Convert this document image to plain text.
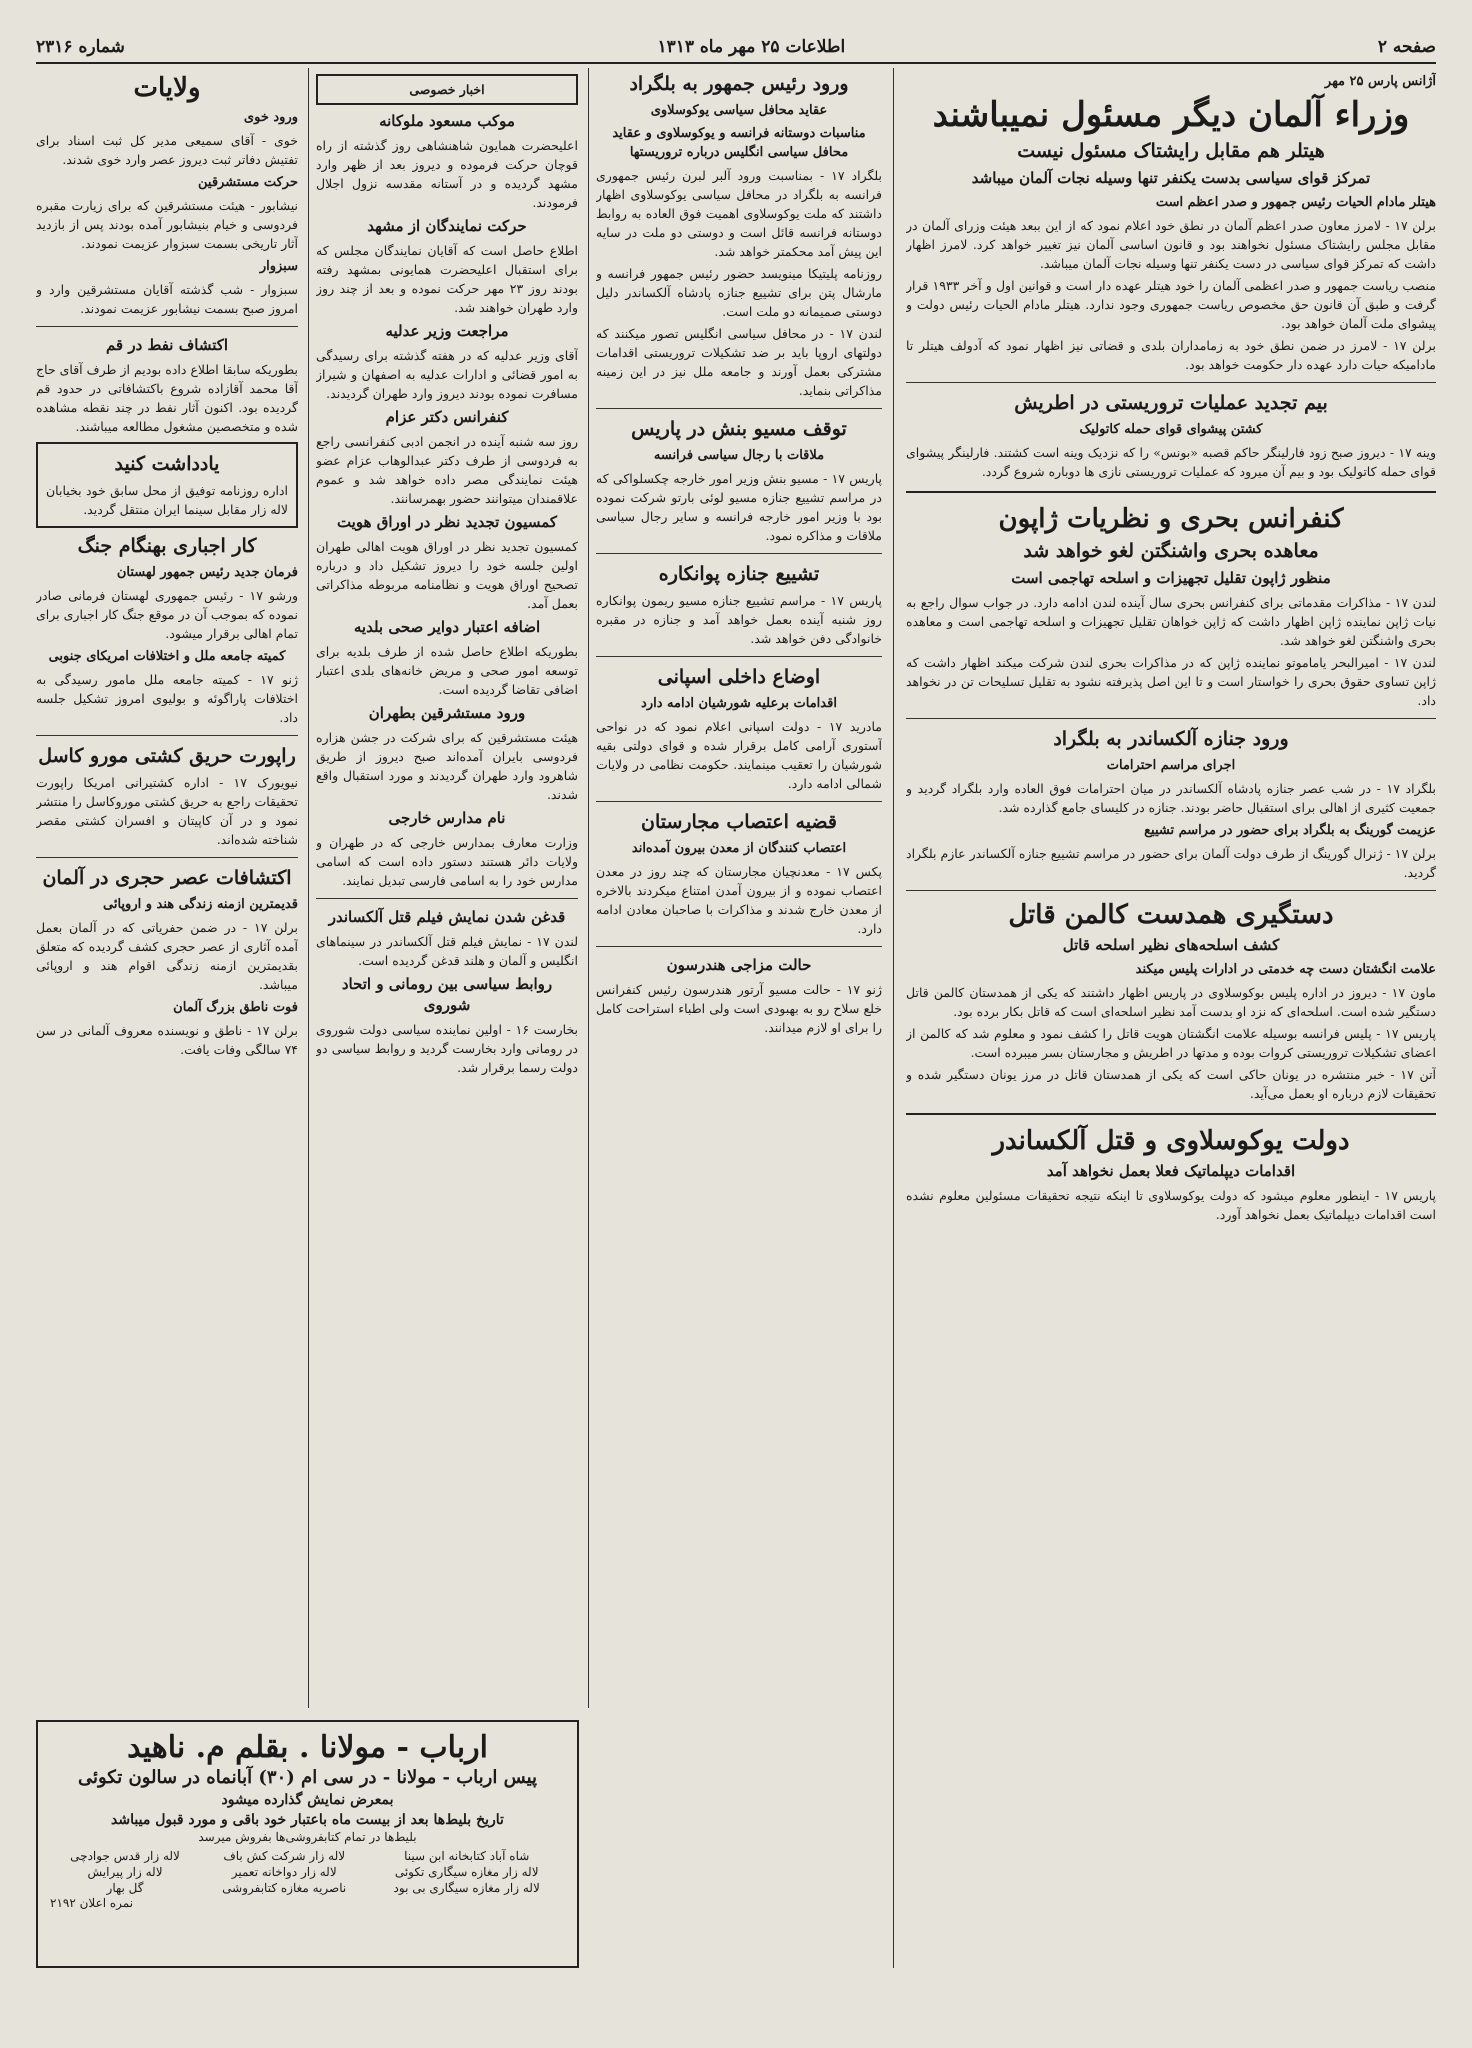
صفحه ۲
اطلاعات ۲۵ مهر ماه ۱۳۱۳
شماره ۲۳۱۶
آژانس پارس ۲۵ مهر
وزراء آلمان دیگر مسئول نمیباشند
هیتلر هم مقابل رایشتاک مسئول نیست
تمرکز قوای سیاسی بدست یکنفر تنها وسیله نجات آلمان میباشد
هیتلر مادام الحیات رئیس جمهور و صدر اعظم است

برلن ۱۷ - لامرز معاون صدر اعظم آلمان در نطق خود اعلام نمود که از این ببعد هیئت وزرای آلمان در مقابل مجلس رایشتاک مسئول نخواهند بود و قانون اساسی آلمان نیز تغییر خواهد کرد. لامرز اظهار داشت که تمرکز قوای سیاسی در دست یکنفر تنها وسیله نجات آلمان میباشد.

منصب ریاست جمهور و صدر اعظمی آلمان را خود هیتلر عهده دار است و قوانین اول و آخر ۱۹۳۳ قرار گرفت و طبق آن قانون حق مخصوص ریاست جمهوری وجود ندارد. هیتلر مادام الحیات رئیس دولت و پیشوای ملت آلمان خواهد بود.

برلن ۱۷ - لامرز در ضمن نطق خود به زمامداران بلدی و قضاتی نیز اظهار نمود که آدولف هیتلر تا مادامیکه حیات دارد عهده دار حکومت خواهد بود.

بیم تجدید عملیات تروریستی در اطریش
کشتن پیشوای قوای حمله کاتولیک

وینه ۱۷ - دیروز صبح زود فارلینگر حاکم قصبه «بونس» را که نزدیک وینه است کشتند. فارلینگر پیشوای قوای حمله کاتولیک بود و بیم آن میرود که عملیات تروریستی نازی ها دوباره شروع گردد.

کنفرانس بحری و نظریات ژاپون
معاهده بحری واشنگتن لغو خواهد شد
منظور ژاپون تقلیل تجهیزات و اسلحه تهاجمی است

لندن ۱۷ - مذاکرات مقدماتی برای کنفرانس بحری سال آینده لندن ادامه دارد. در جواب سوال راجع به نیات ژاپن نماینده ژاپن اظهار داشت که ژاپن خواهان تقلیل تجهیزات و اسلحه تهاجمی است و معاهده بحری واشنگتن لغو خواهد شد.

لندن ۱۷ - امیرالبحر یاماموتو نماینده ژاپن که در مذاکرات بحری لندن شرکت میکند اظهار داشت که ژاپن تساوی حقوق بحری را خواستار است و تا این اصل پذیرفته نشود به تقلیل تسلیحات تن در نخواهد داد.

ورود جنازه آلکساندر به بلگراد
اجرای مراسم احترامات

بلگراد ۱۷ - در شب عصر جنازه پادشاه آلکساندر در میان احترامات فوق العاده وارد بلگراد گردید و جمعیت کثیری از اهالی برای استقبال حاضر بودند. جنازه در کلیسای جامع گذارده شد.

عزیمت گورینگ به بلگراد برای حضور در مراسم تشییع

برلن ۱۷ - ژنرال گورینگ از طرف دولت آلمان برای حضور در مراسم تشییع جنازه آلکساندر عازم بلگراد گردید.

دستگیری همدست کالمن قاتل
کشف اسلحه‌های نظیر اسلحه قاتل
علامت انگشتان دست چه خدمتی در ادارات پلیس میکند

ماون ۱۷ - دیروز در اداره پلیس بوکوسلاوی در پاریس اظهار داشتند که یکی از همدستان کالمن قاتل دستگیر شده است. اسلحه‌ای که نزد او بدست آمد نظیر اسلحه‌ای است که قاتل بکار برده بود.

پاریس ۱۷ - پلیس فرانسه بوسیله علامت انگشتان هویت قاتل را کشف نمود و معلوم شد که کالمن از اعضای تشکیلات تروریستی کروات بوده و مدتها در اطریش و مجارستان بسر میبرده است.

آتن ۱۷ - خبر منتشره در یونان حاکی است که یکی از همدستان قاتل در مرز یونان دستگیر شده و تحقیقات لازم درباره او بعمل می‌آید.

دولت یوکوسلاوی و قتل آلکساندر
اقدامات دیپلماتیک فعلا بعمل نخواهد آمد

پاریس ۱۷ - اینطور معلوم میشود که دولت یوکوسلاوی تا اینکه نتیجه تحقیقات مسئولین معلوم نشده است اقدامات دیپلماتیک بعمل نخواهد آورد.

ورود رئیس جمهور به بلگراد
عقاید محافل سیاسی یوکوسلاوی
مناسبات دوستانه فرانسه و یوکوسلاوی و عقاید محافل سیاسی انگلیس درباره تروریستها

بلگراد ۱۷ - بمناسبت ورود آلبر لبرن رئیس جمهوری فرانسه به بلگراد در محافل سیاسی یوکوسلاوی اظهار داشتند که ملت یوکوسلاوی اهمیت فوق العاده به روابط دوستانه فرانسه قائل است و دوستی دو ملت در سایه این پیش آمد محکمتر خواهد شد.

روزنامه پلیتیکا مینویسد حضور رئیس جمهور فرانسه و مارشال پتن برای تشییع جنازه پادشاه آلکساندر دلیل دوستی صمیمانه دو ملت است.

لندن ۱۷ - در محافل سیاسی انگلیس تصور میکنند که دولتهای اروپا باید بر ضد تشکیلات تروریستی اقدامات مشترکی بعمل آورند و جامعه ملل نیز در این زمینه مذاکراتی بنماید.

توقف مسیو بنش در پاریس
ملاقات با رجال سیاسی فرانسه

پاریس ۱۷ - مسیو بنش وزیر امور خارجه چکسلواکی که در مراسم تشییع جنازه مسیو لوئی بارتو شرکت نموده بود با وزیر امور خارجه فرانسه و سایر رجال سیاسی ملاقات و مذاکره نمود.

تشییع جنازه پوانکاره

پاریس ۱۷ - مراسم تشییع جنازه مسیو ریمون پوانکاره روز شنبه آینده بعمل خواهد آمد و جنازه در مقبره خانوادگی دفن خواهد شد.

اوضاع داخلی اسپانی
اقدامات برعلیه شورشیان ادامه دارد

مادرید ۱۷ - دولت اسپانی اعلام نمود که در نواحی آستوری آرامی کامل برقرار شده و قوای دولتی بقیه شورشیان را تعقیب مینمایند. حکومت نظامی در ولایات شمالی ادامه دارد.

قضیه اعتصاب مجارستان
اعتصاب کنندگان از معدن بیرون آمده‌اند

پکس ۱۷ - معدنچیان مجارستان که چند روز در معدن اعتصاب نموده و از بیرون آمدن امتناع میکردند بالاخره از معدن خارج شدند و مذاکرات با صاحبان معادن ادامه دارد.

حالت مزاجی هندرسون

ژنو ۱۷ - حالت مسیو آرتور هندرسون رئیس کنفرانس خلع سلاح رو به بهبودی است ولی اطباء استراحت کامل را برای او لازم میدانند.

اخبار خصوصی
موکب مسعود ملوکانه

اعلیحضرت همایون شاهنشاهی روز گذشته از راه قوچان حرکت فرموده و دیروز بعد از ظهر وارد مشهد گردیده و در آستانه مقدسه نزول اجلال فرمودند.

حرکت نمایندگان از مشهد

اطلاع حاصل است که آقایان نمایندگان مجلس که برای استقبال اعلیحضرت همایونی بمشهد رفته بودند روز ۲۳ مهر حرکت نموده و بعد از چند روز وارد طهران خواهند شد.

مراجعت وزیر عدلیه

آقای وزیر عدلیه که در هفته گذشته برای رسیدگی به امور قضائی و ادارات عدلیه به اصفهان و شیراز مسافرت نموده بودند دیروز وارد طهران گردیدند.

کنفرانس دکتر عزام

روز سه شنبه آینده در انجمن ادبی کنفرانسی راجع به فردوسی از طرف دکتر عبدالوهاب عزام عضو هیئت نمایندگی مصر داده خواهد شد و عموم علاقمندان میتوانند حضور بهمرسانند.

کمسیون تجدید نظر در اوراق هویت

کمسیون تجدید نظر در اوراق هویت اهالی طهران اولین جلسه خود را دیروز تشکیل داد و درباره تصحیح اوراق هویت و نظامنامه مربوطه مذاکراتی بعمل آمد.

اضافه اعتبار دوایر صحی بلدیه

بطوریکه اطلاع حاصل شده از طرف بلدیه برای توسعه امور صحی و مریض خانه‌های بلدی اعتبار اضافی تقاضا گردیده است.

ورود مستشرقین بطهران

هیئت مستشرقین که برای شرکت در جشن هزاره فردوسی بایران آمده‌اند صبح دیروز از طریق شاهرود وارد طهران گردیدند و مورد استقبال واقع شدند.

نام مدارس خارجی

وزارت معارف بمدارس خارجی که در طهران و ولایات دائر هستند دستور داده است که اسامی مدارس خود را به اسامی فارسی تبدیل نمایند.

قدغن شدن نمایش فیلم قتل آلکساندر

لندن ۱۷ - نمایش فیلم قتل آلکساندر در سینماهای انگلیس و آلمان و هلند قدغن گردیده است.

روابط سیاسی بین رومانی و اتحاد شوروی

بخارست ۱۶ - اولین نماینده سیاسی دولت شوروی در رومانی وارد بخارست گردید و روابط سیاسی دو دولت رسما برقرار شد.

ولایات
ورود خوی

خوی - آقای سمیعی مدیر کل ثبت اسناد برای تفتیش دفاتر ثبت دیروز عصر وارد خوی شدند.

حرکت مستشرقین

نیشابور - هیئت مستشرقین که برای زیارت مقبره فردوسی و خیام بنیشابور آمده بودند پس از بازدید آثار تاریخی بسمت سبزوار عزیمت نمودند.

سبزوار

سبزوار - شب گذشته آقایان مستشرقین وارد و امروز صبح بسمت نیشابور عزیمت نمودند.

اکتشاف نفط در قم

بطوریکه سابقا اطلاع داده بودیم از طرف آقای حاج آقا محمد آقازاده شروع باکتشافاتی در حدود قم گردیده بود. اکنون آثار نفط در چند نقطه مشاهده شده و متخصصین مشغول مطالعه میباشند.

یادداشت کنید

اداره روزنامه توفیق از محل سابق خود بخیابان لاله زار مقابل سینما ایران منتقل گردید.

کار اجباری بهنگام جنگ
فرمان جدید رئیس جمهور لهستان

ورشو ۱۷ - رئیس جمهوری لهستان فرمانی صادر نموده که بموجب آن در موقع جنگ کار اجباری برای تمام اهالی برقرار میشود.

کمیته جامعه ملل و اختلافات امریکای جنوبی

ژنو ۱۷ - کمیته جامعه ملل مامور رسیدگی به اختلافات پاراگوئه و بولیوی امروز تشکیل جلسه داد.

راپورت حریق کشتی مورو کاسل

نیویورک ۱۷ - اداره کشتیرانی امریکا راپورت تحقیقات راجع به حریق کشتی موروکاسل را منتشر نمود و در آن کاپیتان و افسران کشتی مقصر شناخته شده‌اند.

اکتشافات عصر حجری در آلمان
قدیمترین ازمنه زندگی هند و اروپائی

برلن ۱۷ - در ضمن حفریاتی که در آلمان بعمل آمده آثاری از عصر حجری کشف گردیده که متعلق بقدیمترین ازمنه زندگی اقوام هند و اروپائی میباشد.

فوت ناطق بزرگ آلمان

برلن ۱۷ - ناطق و نویسنده معروف آلمانی در سن ۷۴ سالگی وفات یافت.

ارباب - مولانا . بقلم م. ناهید
پیس ارباب - مولانا - در سی ام (۳۰) آبانماه در سالون تکوئی
بمعرض نمایش گذارده میشود
تاریخ بلیط‌ها بعد از بیست ماه باعتبار خود باقی و مورد قبول میباشد
بلیط‌ها در تمام کتابفروشی‌ها بفروش میرسد
شاه آباد کتابخانه ابن سینا	لاله زار شرکت کش باف	لاله زار قدس جوادچی
لاله زار مغازه سیگاری تکوئی	لاله زار دواخانه تعمیر	لاله زار پیرایش
لاله زار مغازه سیگاری بی بود	ناصریه مغازه کتابفروشی	گل بهار
نمره اعلان ۲۱۹۲
